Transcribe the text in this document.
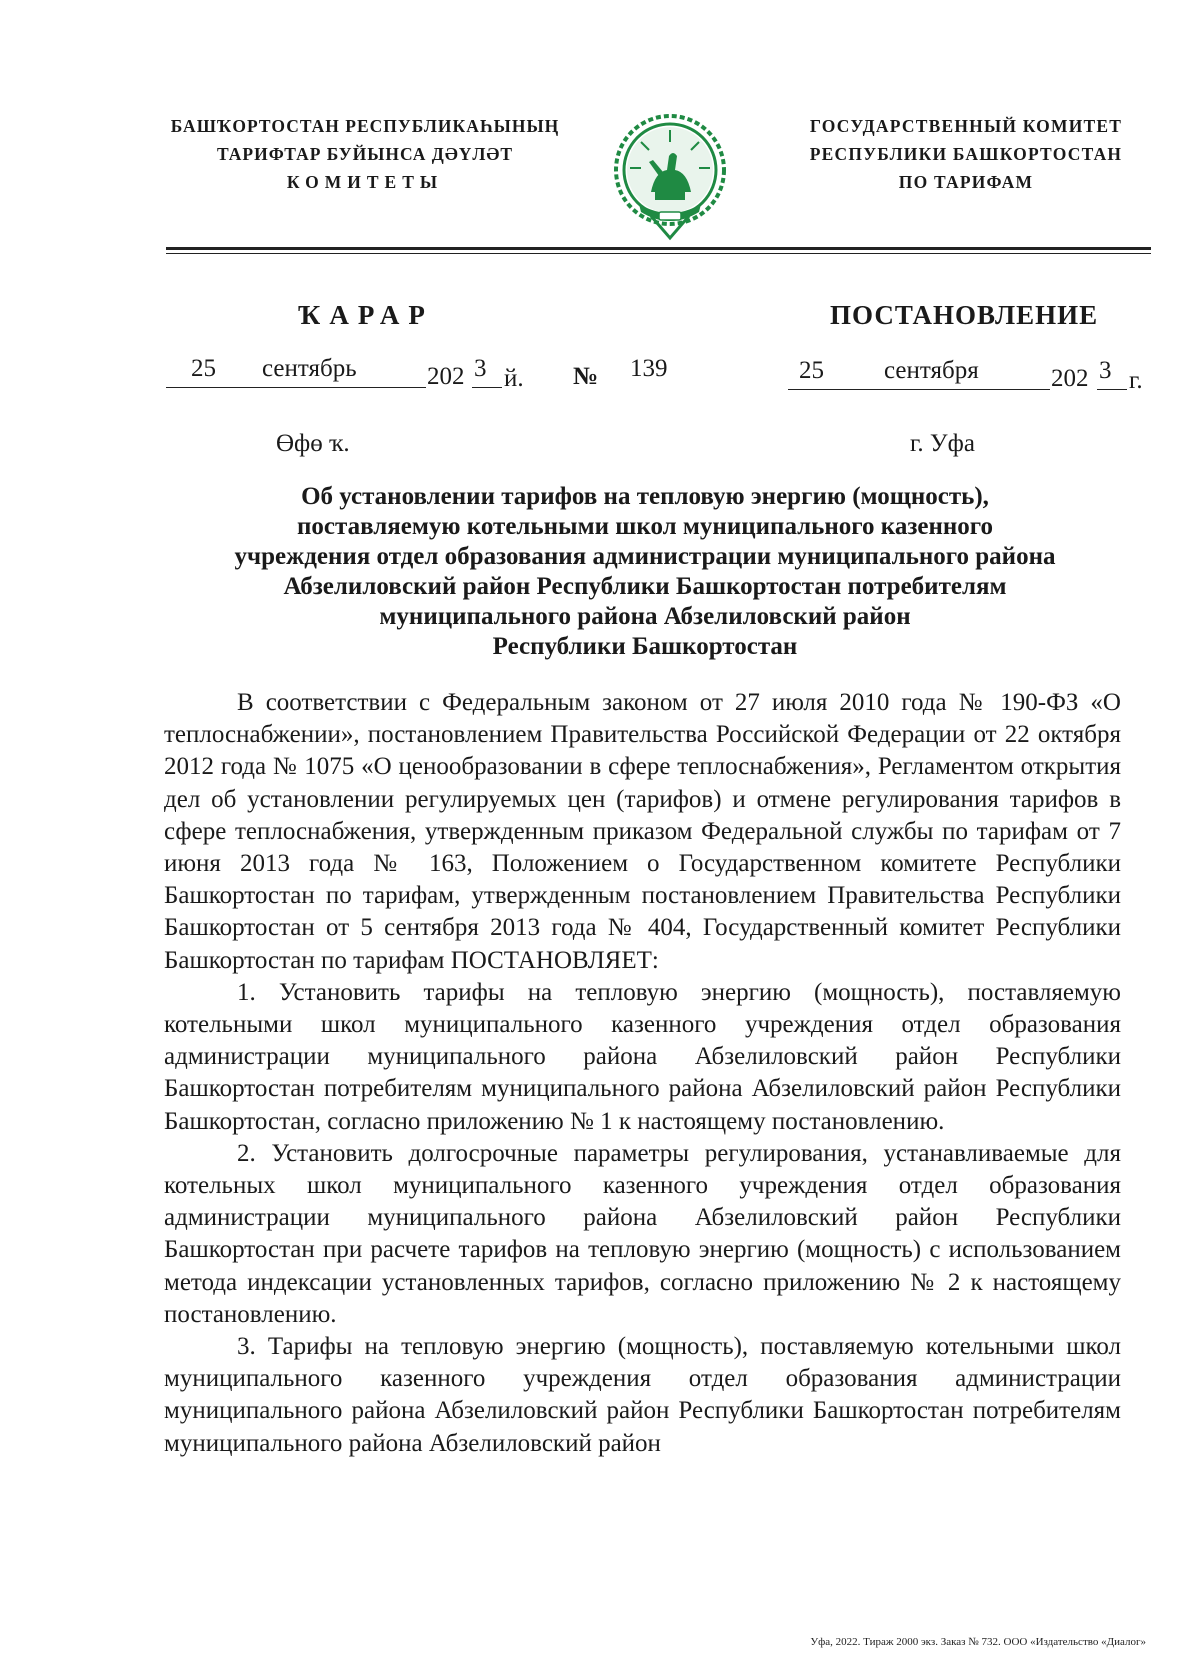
БАШҠОРТОСТАН РЕСПУБЛИКАҺЫНЫҢ
ТАРИФТАР БУЙЫНСА ДӘҮЛӘТ
КОМИТЕТЫ
ГОСУДАРСТВЕННЫЙ КОМИТЕТ
РЕСПУБЛИКИ БАШКОРТОСТАН
ПО ТАРИФАМ
ҠАРАР	ПОСТАНОВЛЕНИЕ
25 сентябрь	202 3 й. № 139	25 сентября	202 3 г.
Өфө ҡ.	г. Уфа
Об установлении тарифов на тепловую энергию (мощность),
поставляемую котельными школ муниципального казенного
учреждения отдел образования администрации муниципального района
Абзелиловский район Республики Башкортостан потребителям
муниципального района Абзелиловский район
Республики Башкортостан

В соответствии с Федеральным законом от 27 июля 2010 года № 190-ФЗ «О теплоснабжении», постановлением Правительства Российской Федерации от 22 октября 2012 года № 1075 «О ценообразовании в сфере теплоснабжения», Регламентом открытия дел об установлении регулируемых цен (тарифов) и отмене регулирования тарифов в сфере теплоснабжения, утвержденным приказом Федеральной службы по тарифам от 7 июня 2013 года № 163, Положением о Государственном комитете Республики Башкортостан по тарифам, утвержденным постановлением Правительства Республики Башкортостан от 5 сентября 2013 года № 404, Государственный комитет Республики Башкортостан по тарифам ПОСТАНОВЛЯЕТ:

1. Установить тарифы на тепловую энергию (мощность), поставляемую котельными школ муниципального казенного учреждения отдел образования администрации муниципального района Абзелиловский район Республики Башкортостан потребителям муниципального района Абзелиловский район Республики Башкортостан, согласно приложению № 1 к настоящему постановлению.

2. Установить долгосрочные параметры регулирования, устанавливаемые для котельных школ муниципального казенного учреждения отдел образования администрации муниципального района Абзелиловский район Республики Башкортостан при расчете тарифов на тепловую энергию (мощность) с использованием метода индексации установленных тарифов, согласно приложению № 2 к настоящему постановлению.

3. Тарифы на тепловую энергию (мощность), поставляемую котельными школ муниципального казенного учреждения отдел образования администрации муниципального района Абзелиловский район Республики Башкортостан потребителям муниципального района Абзелиловский район

Уфа, 2022. Тираж 2000 экз. Заказ № 732. ООО «Издательство «Диалог»
